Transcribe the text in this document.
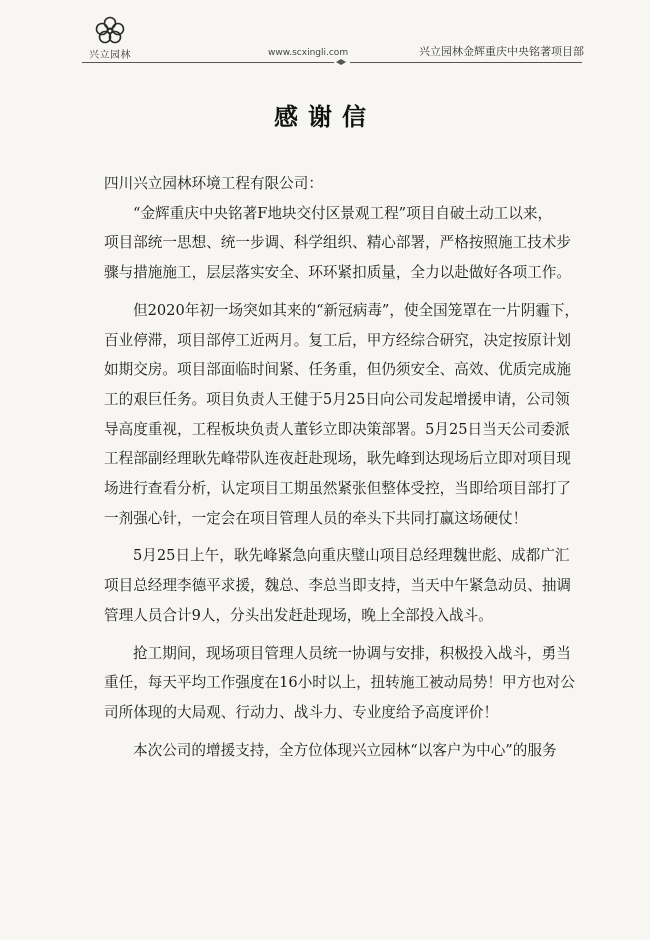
兴立园林	www.scxingli.com	兴立园林金辉重庆中央铭著项目部
感谢信
四川兴立园林环境工程有限公司：
“金辉重庆中央铭著F地块交付区景观工程”项目自破土动工以来，
项目部统一思想、统一步调、科学组织、精心部署，严格按照施工技术步
骤与措施施工，层层落实安全、环环紧扣质量，全力以赴做好各项工作。
但2020年初一场突如其来的“新冠病毒”，使全国笼罩在一片阴霾下，
百业停滞，项目部停工近两月。复工后，甲方经综合研究，决定按原计划
如期交房。项目部面临时间紧、任务重，但仍须安全、高效、优质完成施
工的艰巨任务。项目负责人王健于5月25日向公司发起增援申请，公司领
导高度重视，工程板块负责人董钐立即决策部署。5月25日当天公司委派
工程部副经理耿先峰带队连夜赶赴现场，耿先峰到达现场后立即对项目现
场进行查看分析，认定项目工期虽然紧张但整体受控，当即给项目部打了
一剂强心针，一定会在项目管理人员的牵头下共同打赢这场硬仗！
5月25日上午，耿先峰紧急向重庆璧山项目总经理魏世彪、成都广汇
项目总经理李德平求援，魏总、李总当即支持，当天中午紧急动员、抽调
管理人员合计9人，分头出发赶赴现场，晚上全部投入战斗。
抢工期间，现场项目管理人员统一协调与安排，积极投入战斗，勇当
重任，每天平均工作强度在16小时以上，扭转施工被动局势！甲方也对公
司所体现的大局观、行动力、战斗力、专业度给予高度评价！
本次公司的增援支持，全方位体现兴立园林“以客户为中心”的服务
